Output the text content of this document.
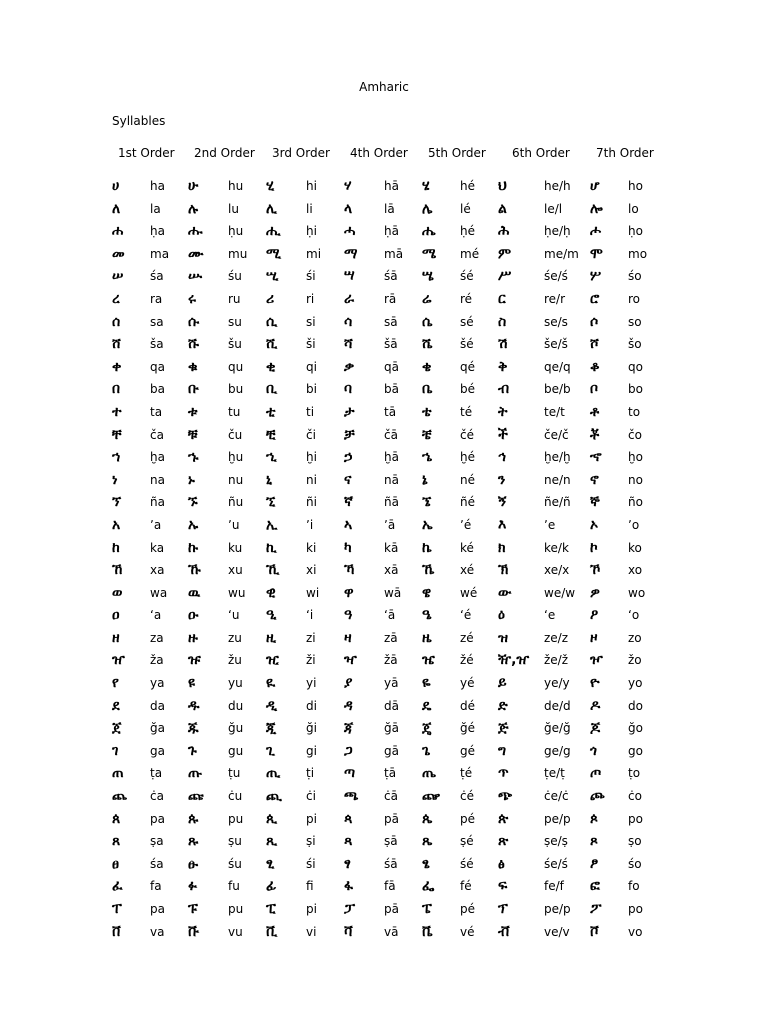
Amharic
Syllables
1st Order 2nd Order 3rd Order 4th Order 5th Order 6th Order 7th Order
ሀ	ha ሁ hu ሂ	hi ሃ	hā ሄ	hé ህ	he/h ሆ ho
ለ la ሉ lu ሊ li ላ	lā ሌ lé ል	le/l ሎ lo
ሐ ḥa ሑ ḥu ሒ ḥi ሓ ḥā ሔ ḥé ሕ	ḥe/ḥ ሖ ḥo
መ ma ሙ mu ሚ mi ማ mā ሜ mé ም	me/m ሞ mo
ሠ śa ሡ śu ሢ śi ሣ śā ሤ śé ሥ	śe/ś ሦ śo
ረ	ra ሩ	ru ሪ	ri ራ rā ሬ ré ር	re/r ሮ ro
ሰ sa ሱ su ሲ si ሳ	sā ሴ sé ስ	se/s ሶ so
ሸ ša ሹ šu ሺ ši ሻ	šā ሼ šé ሽ	še/š ሾ šo
ቀ qa ቁ	qu ቂ	qi ቃ qā ቄ qé ቅ	qe/q ቆ qo
በ ba ቡ bu ቢ bi ባ	bā ቤ bé ብ	be/b ቦ bo
ተ ta ቱ	tu ቲ	ti ታ tā ቴ té ት	te/t ቶ to
ቸ ča ቹ	ču ቺ	či ቻ čā ቼ čé ች	če/č ቾ čo
ኀ ḫa ኁ ḫu ኂ ḫi ኃ	ḫā ኄ ḫé ኅ	ḫe/ḫ ኆ ḫo
ነ	na ኑ	nu ኒ	ni ና	nā ኔ	né ን	ne/n ኖ no
ኘ ña ኙ	ñu ኚ	ñi ኛ	ñā ኜ ñé ኝ	ñe/ñ ኞ ño
አ ʼa ኡ ʼu ኢ ʼi ኣ	ʼā ኤ ʼé እ	ʼe ኦ ʼo
ከ	ka ኩ ku ኪ ki ካ	kā ኬ ké ክ	ke/k ኮ	ko
ኸ xa ኹ xu ኺ xi ኻ xā ኼ xé ኽ	xe/x ኾ xo
ወ wa ዉ wu ዊ	wi ዋ	wā ዌ wé ው	we/w ዎ wo
ዐ	ʻa ዑ ʻu ዒ ʻi ዓ	ʻā ዔ ʻé ዕ	ʻe ዖ ʻo
ዘ	za ዙ	zu ዚ zi ዛ	zā ዜ zé ዝ	ze/z ዞ	zo
ዠ ža ዡ žu ዢ ži ዣ žā ዤ žé ዥ,ዠ že/ž ዦ žo
የ	ya ዩ	yu ዪ	yi ያ	yā ዬ yé ይ	ye/y ዮ yo
ደ	da ዱ du ዲ di ዳ	dā ዴ dé ድ	de/d ዶ do
ጀ ğa ጁ ğu ጂ ği ጃ	ğā ጄ ğé ጅ	ğe/ğ ጆ ğo
ገ	ga ጉ	gu ጊ	gi ጋ	gā ጌ gé ግ	ge/g ጎ	go
ጠ ṭa ጡ ṭu ጢ ṭi ጣ ṭā ጤ ṭé ጥ	ṭe/ṭ ጦ ṭo
ጨ ċa ጩ ċu ጪ ċi ጫ ċā ጬ ċé ጭ	ċe/ċ ጮ ċo
ጰ pa ጱ pu ጲ pi ጳ	pā ጴ pé ጵ	pe/p ጶ	po
ጸ ṣa ጹ ṣu ጺ ṣi ጻ	ṣā ጼ ṣé ጽ	ṣe/ṣ ጾ	ṣo
ፀ	śa ፁ śu ፂ	śi ፃ	śā ፄ	śé ፅ	śe/ś ፆ śo
ፈ fa ፉ	fu ፊ fi ፋ	fā ፌ fé ፍ	fe/f ፎ fo
ፐ pa ፑ	pu ፒ	pi ፓ pā ፔ pé ፕ	pe/p ፖ po
ቨ va ቩ vu ቪ vi ቫ	vā ቬ vé ቭ	ve/v ቮ vo
